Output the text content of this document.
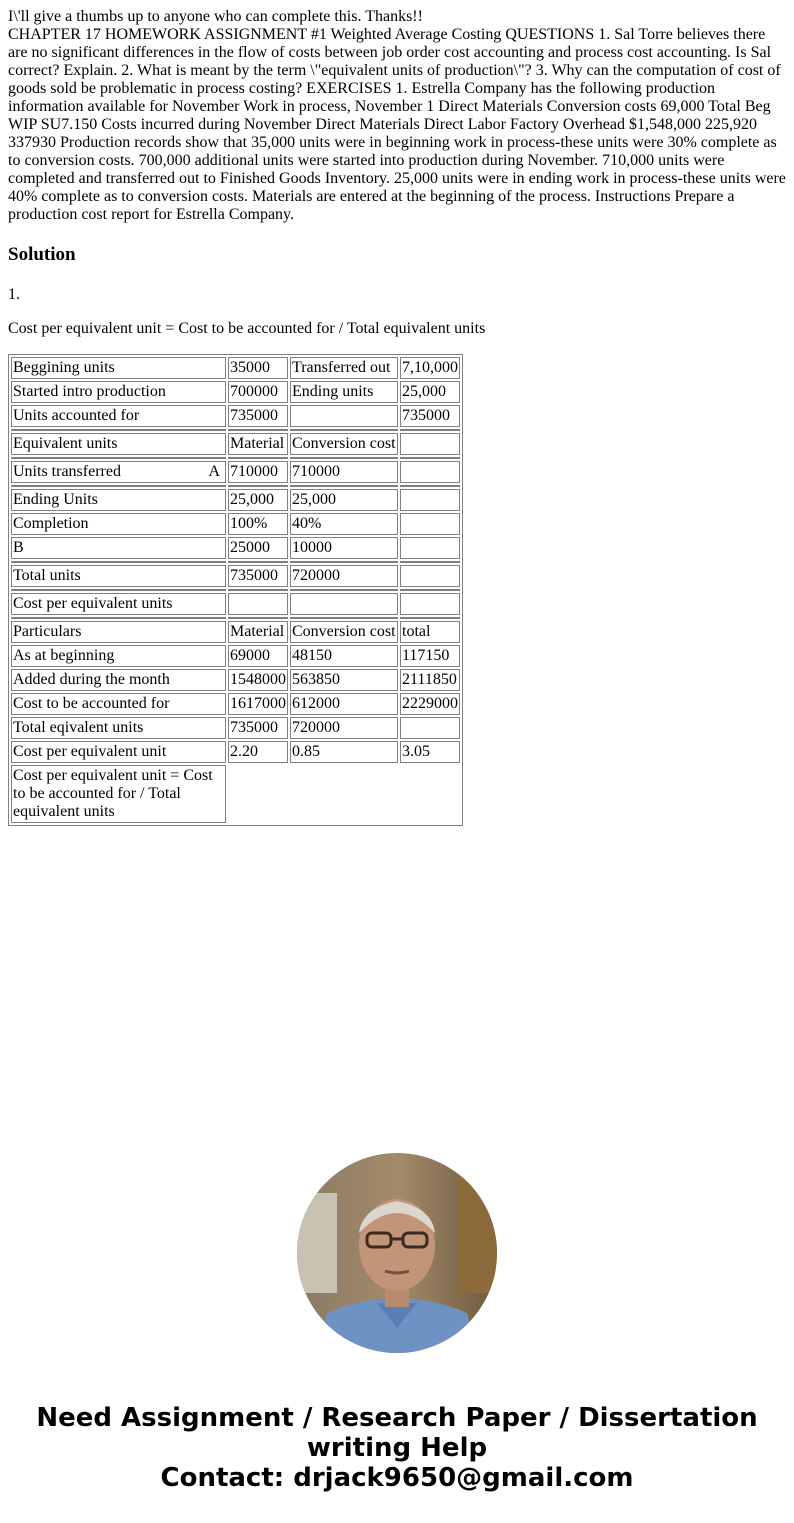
I\'ll give a thumbs up to anyone who can complete this. Thanks!!

CHAPTER 17 HOMEWORK ASSIGNMENT #1 Weighted Average Costing QUESTIONS 1. Sal Torre believes there are no significant differences in the flow of costs between job order cost accounting and process cost accounting. Is Sal correct? Explain. 2. What is meant by the term \"equivalent units of production\"? 3. Why can the computation of cost of goods sold be problematic in process costing? EXERCISES 1. Estrella Company has the following production information available for November Work in process, November 1 Direct Materials Conversion costs 69,000 Total Beg WIP SU7.150 Costs incurred during November Direct Materials Direct Labor Factory Overhead $1,548,000 225,920 337930 Production records show that 35,000 units were in beginning work in process-these units were 30% complete as to conversion costs. 700,000 additional units were started into production during November. 710,000 units were completed and transferred out to Finished Goods Inventory. 25,000 units were in ending work in process-these units were 40% complete as to conversion costs. Materials are entered at the beginning of the process. Instructions Prepare a production cost report for Estrella Company.

Solution

1.

Cost per equivalent unit = Cost to be accounted for / Total equivalent units

Beggining units	35000	Transferred out	7,10,000
Started intro production	700000	Ending units	25,000
Units accounted for	735000		735000

Equivalent units	Material	Conversion cost	

Units transferred A	710000	710000	

Ending Units	25,000	25,000	
Completion	100%	40%	
B	25000	10000	

Total units	735000	720000	

Cost per equivalent units			

Particulars	Material	Conversion cost	total
As at beginning	69000	48150	117150
Added during the month	1548000	563850	2111850
Cost to be accounted for	1617000	612000	2229000
Total eqivalent units	735000	720000	
Cost per equivalent unit	2.20	0.85	3.05
Cost per equivalent unit = Cost to be accounted for / Total equivalent units			
Need Assignment / Research Paper / Dissertation
writing Help
Contact: drjack9650@gmail.com
